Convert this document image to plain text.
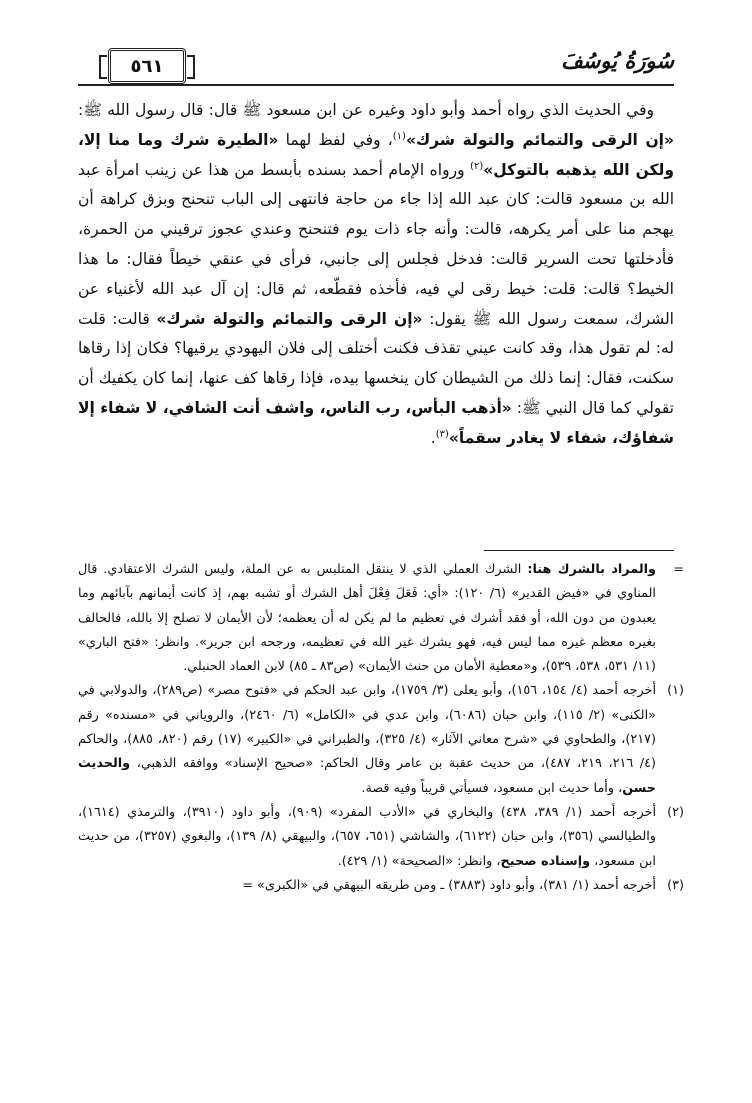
٥٦١	سُورَةُ يُوسُفَ

وفي الحديث الذي رواه أحمد وأبو داود وغيره عن ابن مسعود ﷺ قال: قال رسول الله ﷺ: «إن الرقى والتمائم والتولة شرك»$^{(١)}$، وفي لفظ لهما «الطيرة شرك وما منا إلا، ولكن الله يذهبه بالتوكل»$^{(٢)}$ ورواه الإمام أحمد بسنده بأبسط من هذا عن زينب امرأة عبد الله بن مسعود قالت: كان عبد الله إذا جاء من حاجة فانتهى إلى الباب تنحنح وبزق كراهة أن يهجم منا على أمر يكرهه، قالت: وأنه جاء ذات يوم فتنحنح وعندي عجوز ترقيني من الحمرة، فأدخلتها تحت السرير قالت: فدخل فجلس إلى جانبي، فرأى في عنقي خيطاً فقال: ما هذا الخيط؟ قالت: قلت: خيط رقى لي فيه، فأخذه فقطّعه، ثم قال: إن آل عبد الله لأغنياء عن الشرك، سمعت رسول الله ﷺ يقول: «إن الرقى والتمائم والتولة شرك» قالت: قلت له: لم تقول هذا، وقد كانت عيني تقذف فكنت أختلف إلى فلان اليهودي يرقيها؟ فكان إذا رقاها سكنت، فقال: إنما ذلك من الشيطان كان ينخسها بيده، فإذا رقاها كف عنها، إنما كان يكفيك أن تقولي كما قال النبي ﷺ: «أذهب البأس، رب الناس، واشف أنت الشافي، لا شفاء إلا شفاؤك، شفاء لا يغادر سقماً»$^{(٣)}$.

=
والمراد بالشرك هنا: الشرك العملي الذي لا ينتقل المتلبس به عن الملة، وليس الشرك الاعتقادي. قال المناوي في «فيض القدير» (٦/ ١٢٠): «أي: فَعَلَ فِعْلَ أهل الشرك أو تشبه بهم، إذ كانت أيمانهم بآبائهم وما يعبدون من دون الله، أو فقد أشرك في تعظيم ما لم يكن له أن يعظمه؛ لأن الأيمان لا تصلح إلا بالله، فالحالف بغيره معظم غيره مما ليس فيه، فهو يشرك غير الله في تعظيمه، ورجحه ابن جرير». وانظر: «فتح الباري» (١١/ ٥٣١، ٥٣٨، ٥٣٩)، و«معطية الأمان من حنث الأيمان» (ص٨٣ ـ ٨٥) لابن العماد الحنبلي.
(١)
أخرجه أحمد (٤/ ١٥٤، ١٥٦)، وأبو يعلى (٣/ ١٧٥٩)، وابن عبد الحكم في «فتوح مصر» (ص٢٨٩)، والدولابي في «الكنى» (٢/ ١١٥)، وابن حبان (٦٠٨٦)، وابن عدي في «الكامل» (٦/ ٢٤٦٠)، والروياني في «مسنده» رقم (٢١٧)، والطحاوي في «شرح معاني الآثار» (٤/ ٣٢٥)، والطبراني في «الكبير» (١٧) رقم (٨٢٠، ٨٨٥)، والحاكم (٤/ ٢١٦، ٢١٩، ٤٨٧)، من حديث عقبة بن عامر وقال الحاكم: «صحيح الإسناد» ووافقه الذهبي، والحديث حسن، وأما حديث ابن مسعود، فسيأتي قريباً وفيه قصة.
(٢)
أخرجه أحمد (١/ ٣٨٩، ٤٣٨) والبخاري في «الأدب المفرد» (٩٠٩)، وأبو داود (٣٩١٠)، والترمذي (١٦١٤)، والطيالسي (٣٥٦)، وابن حبان (٦١٢٢)، والشاشي (٦٥١، ٦٥٧)، والبيهقي (٨/ ١٣٩)، والبغوي (٣٢٥٧)، من حديث ابن مسعود، وإسناده صحيح، وانظر: «الصحيحة» (١/ ٤٢٩).
(٣)
أخرجه أحمد (١/ ٣٨١)، وأبو داود (٣٨٨٣) ـ ومن طريقه البيهقي في «الكبرى» =
